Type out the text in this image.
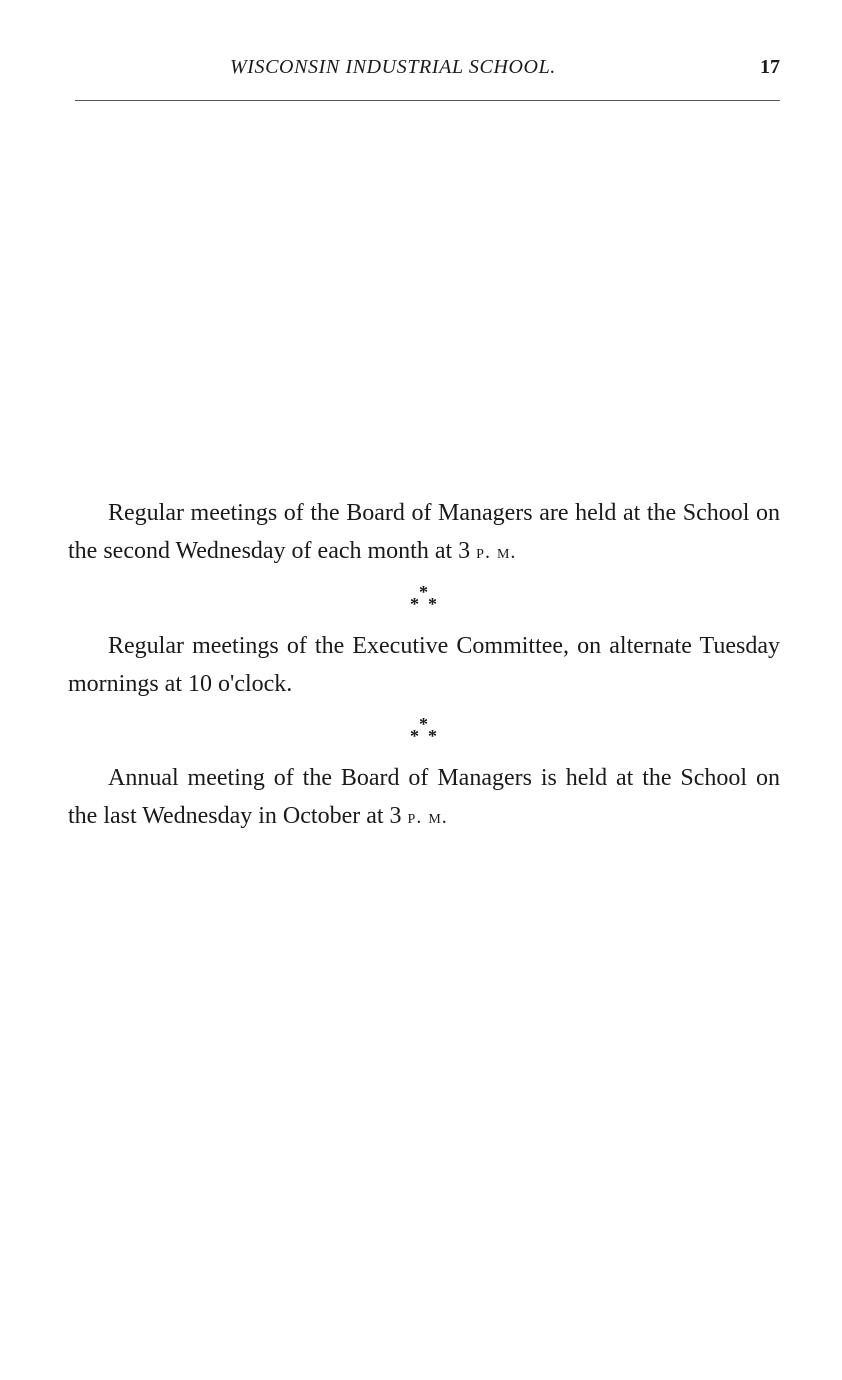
WISCONSIN INDUSTRIAL SCHOOL.	17

Regular meetings of the Board of Managers are held at the School on the second Wednesday of each month at 3 p. m.

*
* *

Regular meetings of the Executive Committee, on alternate Tuesday mornings at 10 o'clock.

*
* *

Annual meeting of the Board of Managers is held at the School on the last Wednesday in October at 3 p. m.
